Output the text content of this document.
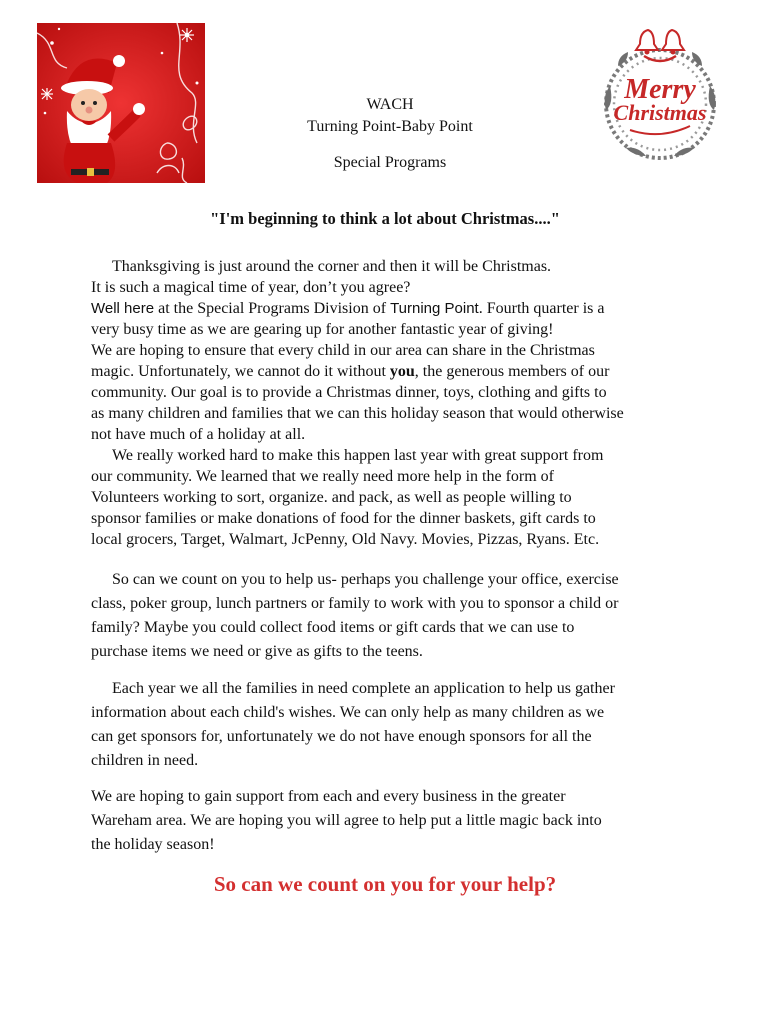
Merry
Christmas
WACH
Turning Point-Baby Point
Special Programs
"I'm beginning to think a lot about Christmas...."
Thanksgiving is just around the corner and then it will be Christmas.
It is such a magical time of year, don’t you agree?
Well here at the Special Programs Division of Turning Point. Fourth quarter is a
very busy time as we are gearing up for another fantastic year of giving!
We are hoping to ensure that every child in our area can share in the Christmas
magic. Unfortunately, we cannot do it without you, the generous members of our
community. Our goal is to provide a Christmas dinner, toys, clothing and gifts to
as many children and families that we can this holiday season that would otherwise
not have much of a holiday at all.
We really worked hard to make this happen last year with great support from
our community. We learned that we really need more help in the form of
Volunteers working to sort, organize. and pack, as well as people willing to
sponsor families or make donations of food for the dinner baskets, gift cards to
local grocers, Target, Walmart, JcPenny, Old Navy. Movies, Pizzas, Ryans. Etc.
So can we count on you to help us- perhaps you challenge your office, exercise
class, poker group, lunch partners or family to work with you to sponsor a child or
family? Maybe you could collect food items or gift cards that we can use to
purchase items we need or give as gifts to the teens.
Each year we all the families in need complete an application to help us gather
information about each child's wishes. We can only help as many children as we
can get sponsors for, unfortunately we do not have enough sponsors for all the
children in need.
We are hoping to gain support from each and every business in the greater
Wareham area. We are hoping you will agree to help put a little magic back into
the holiday season!
So can we count on you for your help?
